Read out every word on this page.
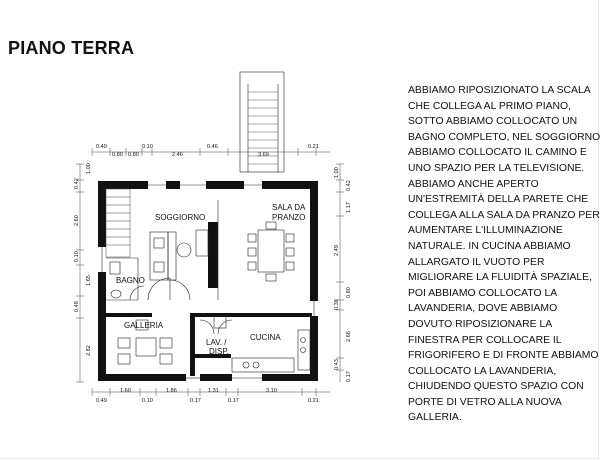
PIANO TERRA
ABBIAMO RIPOSIZIONATO LA SCALA
CHE COLLEGA AL PRIMO PIANO,
SOTTO ABBIAMO COLLOCATO UN
BAGNO COMPLETO, NEL SOGGIORNO
ABBIAMO COLLOCATO IL CAMINO E
UNO SPAZIO PER LA TELEVISIONE.
ABBIAMO ANCHE APERTO
UN'ESTREMITÀ DELLA PARETE CHE
COLLEGA ALLA SALA DA PRANZO PER
AUMENTARE L'ILLUMINAZIONE
NATURALE. IN CUCINA ABBIAMO
ALLARGATO IL VUOTO PER
MIGLIORARE LA FLUIDITÀ SPAZIALE,
POI ABBIAMO COLLOCATO LA
LAVANDERIA, DOVE ABBIAMO
DOVUTO RIPOSIZIONARE LA
FINESTRA PER COLLOCARE IL
FRIGORIFERO E DI FRONTE ABBIAMO
COLLOCATO LA LAVANDERIA,
CHIUDENDO QUESTO SPAZIO CON
PORTE DI VETRO ALLA NUOVA
GALLERIA.
SOGGIORNO
SALA DA
PRANZO
BAGNO
GALLERIA
LAV. /
DISP.
CUCINA
0.49
0.80 0.80
0.10
2.46
0.46
3.69
0.21
0.49
1.60
0.10
1.86
0.17
1.31
0.17
3.10
0.21
1.00
0.42
2.60
0.10
1.65
0.48
2.82
1.00
0.42
1.17
2.49
0.80
0.38
2.66
0.43
0.17
